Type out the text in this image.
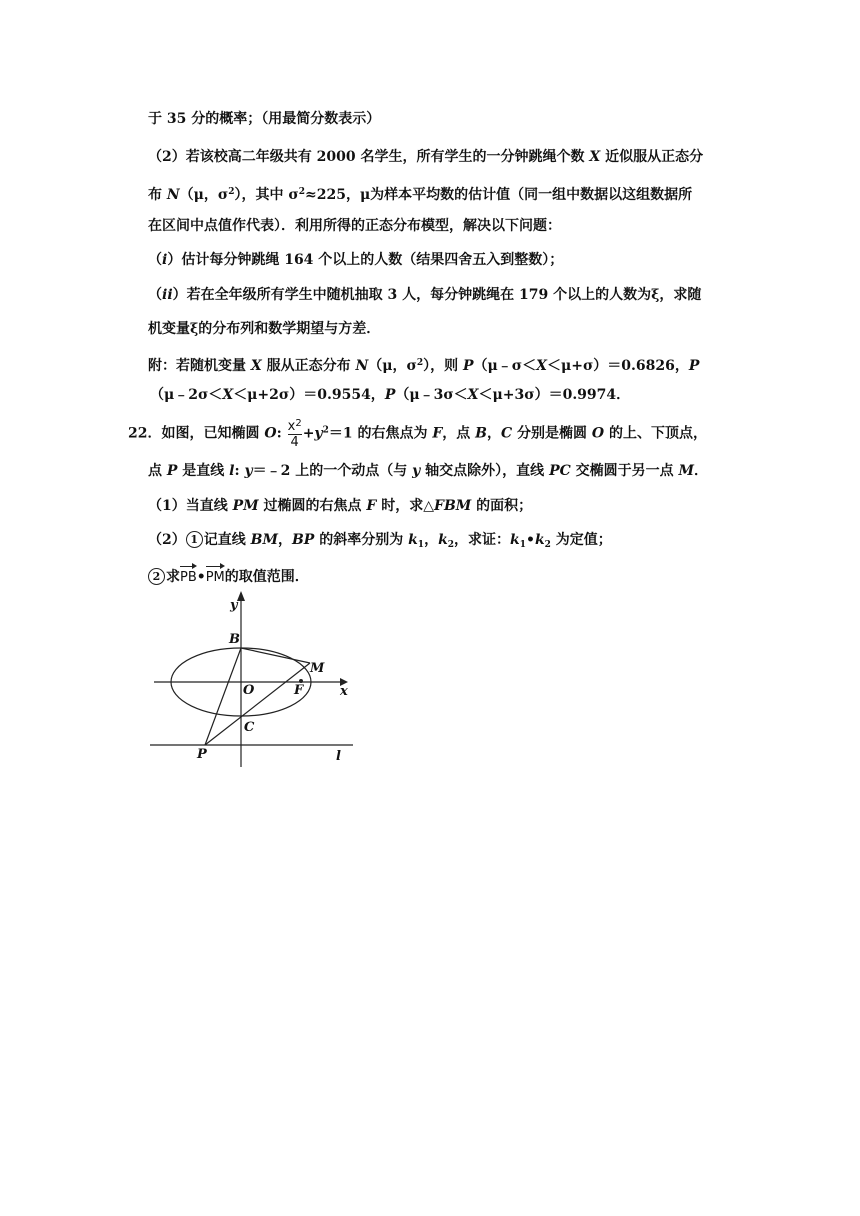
于 35 分的概率；（用最简分数表示）
（2）若该校高二年级共有 2000 名学生，所有学生的一分钟跳绳个数 X 近似服从正态分
布 N（μ，$\sigma^2$），其中 $\sigma^2\approx 225$，μ为样本平均数的估计值（同一组中数据以这组数据所
在区间中点值作代表）．利用所得的正态分布模型，解决以下问题：
（i）估计每分钟跳绳 164 个以上的人数（结果四舍五入到整数）；
（ii）若在全年级所有学生中随机抽取 3 人，每分钟跳绳在 179 个以上的人数为ξ，求随
机变量ξ的分布列和数学期望与方差．
附：若随机变量 X 服从正态分布 N（μ，$\sigma^2$），则 P（μ﹣σ＜X＜μ+σ）＝0.6826，P
（μ﹣2σ＜X＜μ+2σ）＝0.9554，P（μ﹣3σ＜X＜μ+3σ）＝0.9974．
22．如图，已知椭圆 O: $\frac{x^2}{4} +y^2=1$ 的右焦点为 F，点 B，C 分别是椭圆 O 的上、下顶点，
点 P 是直线 l: y＝﹣2 上的一个动点（与 y 轴交点除外），直线 PC 交椭圆于另一点 M．
（1）当直线 PM 过椭圆的右焦点 F 时，求△FBM 的面积；
（2） 1 记直线 BM，BP 的斜率分别为 $k_1$，$k_2$，求证：$k_1•k_2$ 为定值；
2 求PB•PM的取值范围．
y
x
B
M
O	F
C
P	l
